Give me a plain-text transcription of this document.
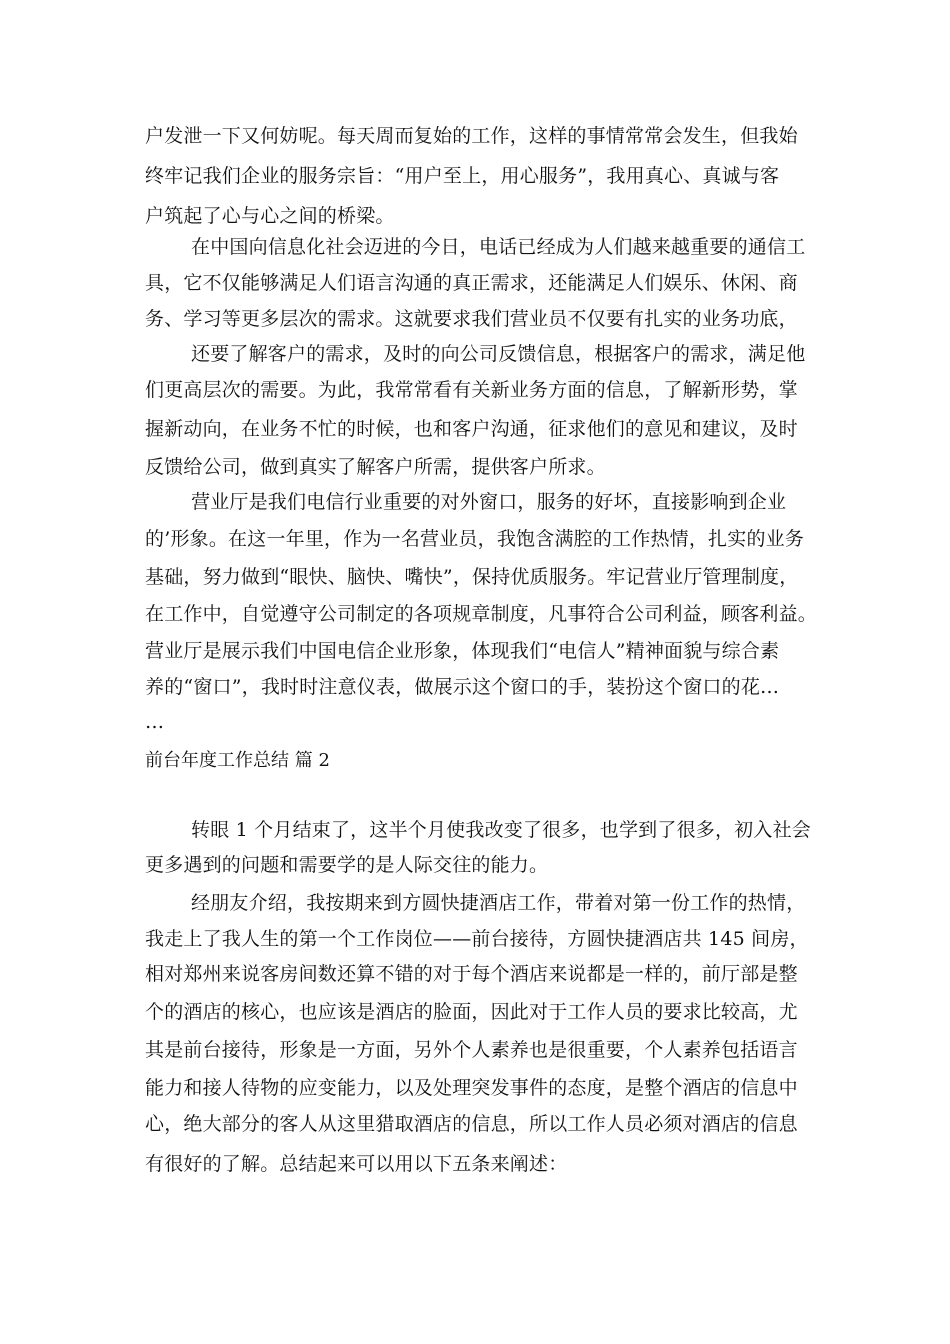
户发泄一下又何妨呢。每天周而复始的工作，这样的事情常常会发生，但我始
终牢记我们企业的服务宗旨：“用户至上，用心服务”，我用真心、真诚与客
户筑起了心与心之间的桥梁。
在中国向信息化社会迈进的今日，电话已经成为人们越来越重要的通信工
具，它不仅能够满足人们语言沟通的真正需求，还能满足人们娱乐、休闲、商
务、学习等更多层次的需求。这就要求我们营业员不仅要有扎实的业务功底，
还要了解客户的需求，及时的向公司反馈信息，根据客户的需求，满足他
们更高层次的需要。为此，我常常看有关新业务方面的信息，了解新形势，掌
握新动向，在业务不忙的时候，也和客户沟通，征求他们的意见和建议，及时
反馈给公司，做到真实了解客户所需，提供客户所求。
营业厅是我们电信行业重要的对外窗口，服务的好坏，直接影响到企业
的’形象。在这一年里，作为一名营业员，我饱含满腔的工作热情，扎实的业务
基础，努力做到“眼快、脑快、嘴快”，保持优质服务。牢记营业厅管理制度，
在工作中，自觉遵守公司制定的各项规章制度，凡事符合公司利益，顾客利益。
营业厅是展示我们中国电信企业形象，体现我们“电信人”精神面貌与综合素
养的“窗口”，我时时注意仪表，做展示这个窗口的手，装扮这个窗口的花…
…
前台年度工作总结 篇 2
转眼 1 个月结束了，这半个月使我改变了很多，也学到了很多，初入社会
更多遇到的问题和需要学的是人际交往的能力。
经朋友介绍，我按期来到方圆快捷酒店工作，带着对第一份工作的热情，
我走上了我人生的第一个工作岗位——前台接待，方圆快捷酒店共 145 间房，
相对郑州来说客房间数还算不错的对于每个酒店来说都是一样的，前厅部是整
个的酒店的核心，也应该是酒店的脸面，因此对于工作人员的要求比较高，尤
其是前台接待，形象是一方面，另外个人素养也是很重要，个人素养包括语言
能力和接人待物的应变能力，以及处理突发事件的态度，是整个酒店的信息中
心，绝大部分的客人从这里猎取酒店的信息，所以工作人员必须对酒店的信息
有很好的了解。总结起来可以用以下五条来阐述：
